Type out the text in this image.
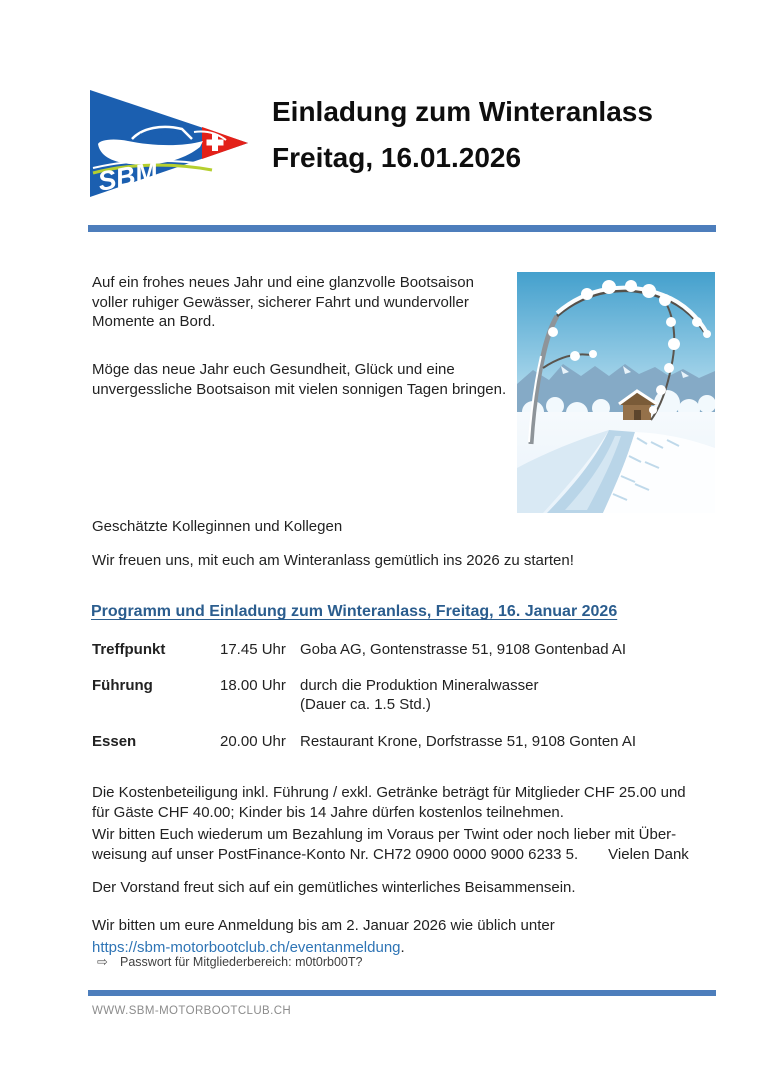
SBM
Einladung zum Winteranlass
Freitag, 16.01.2026
Auf ein frohes neues Jahr und eine glanzvolle Bootsaison voller ruhiger Gewässer, sicherer Fahrt und wundervoller Momente an Bord.
Möge das neue Jahr euch Gesundheit, Glück und eine unvergessliche Bootsaison mit vielen sonnigen Tagen bringen.
Geschätzte Kolleginnen und Kollegen
Wir freuen uns, mit euch am Winteranlass gemütlich ins 2026 zu starten!
Programm und Einladung zum Winteranlass, Freitag, 16. Januar 2026
Treffpunkt	17.45 Uhr Goba AG, Gontenstrasse 51, 9108 Gontenbad AI
Führung	18.00 Uhr durch die Produktion Mineralwasser
(Dauer ca. 1.5 Std.)
Essen	20.00 Uhr Restaurant Krone, Dorfstrasse 51, 9108 Gonten AI
Die Kostenbeteiligung inkl. Führung / exkl. Getränke beträgt für Mitglieder CHF 25.00 und für Gäste CHF 40.00; Kinder bis 14 Jahre dürfen kostenlos teilnehmen.
Wir bitten Euch wiederum um Bezahlung im Voraus per Twint oder noch lieber mit Überweisung auf unser PostFinance-Konto Nr. CH72 0900 0000 9000 6233 5. Vielen Dank
Der Vorstand freut sich auf ein gemütliches winterliches Beisammensein.
Wir bitten um eure Anmeldung bis am 2. Januar 2026 wie üblich unter
https://sbm-motorbootclub.ch/eventanmeldung.
⇨ Passwort für Mitgliederbereich: m0t0rb00T?
WWW.SBM-MOTORBOOTCLUB.CH
